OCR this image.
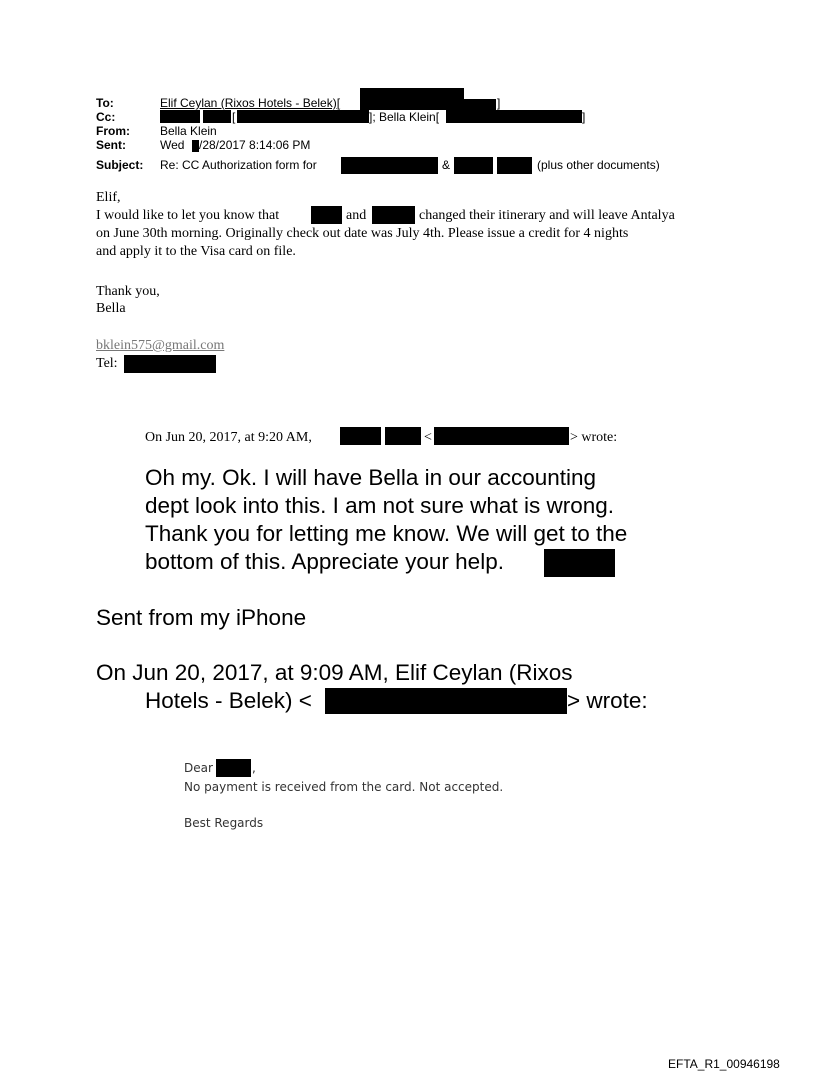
To:	Elif Ceylan (Rixos Hotels - Belek)[	]
Cc:	[	]; Bella Klein[	]
From:	Bella Klein
Sent:	Wed /28/2017 8:14:06 PM
Subject: Re: CC Authorization form for	&	(plus other documents)
Elif,
I would like to let you know that	and	changed their itinerary and will leave Antalya
on June 30th morning. Originally check out date was July 4th. Please issue a credit for 4 nights
and apply it to the Visa card on file.
Thank you,
Bella
bklein575@gmail.com
Tel:
On Jun 20, 2017, at 9:20 AM,	<	> wrote:
Oh my. Ok. I will have Bella in our accounting
dept look into this. I am not sure what is wrong.
Thank you for letting me know. We will get to the
bottom of this. Appreciate your help.
Sent from my iPhone
On Jun 20, 2017, at 9:09 AM, Elif Ceylan (Rixos
Hotels - Belek) <	> wrote:
Dear	,
No payment is received from the card. Not accepted.
Best Regards
EFTA_R1_00946198
